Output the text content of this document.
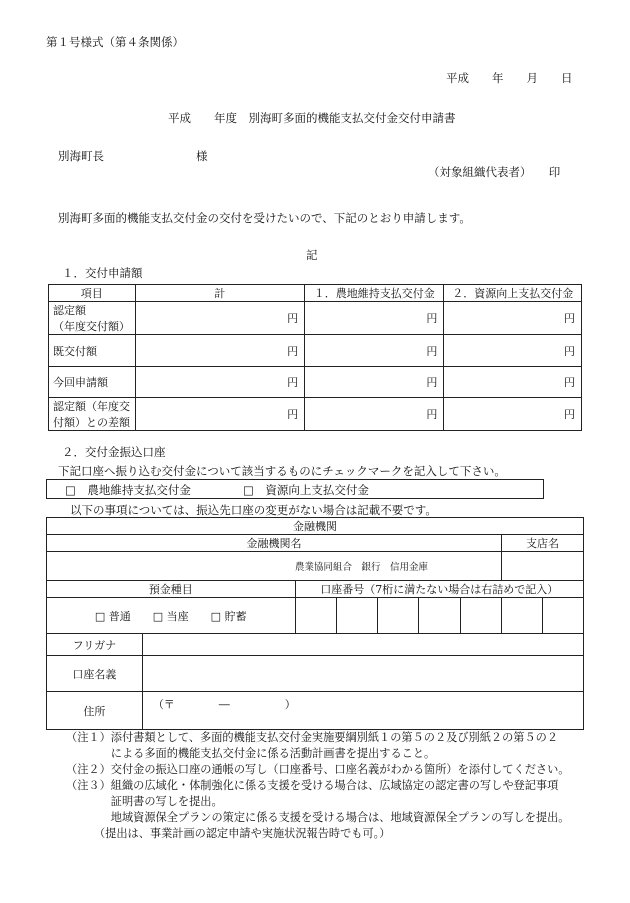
第１号様式（第４条関係）
平成　　年　　月　　日
平成　　年度　別海町多面的機能支払交付金交付申請書
別海町長　　　　　　　　様
（対象組織代表者）　　印
別海町多面的機能支払交付金の交付を受けたいので、下記のとおり申請します。
記
１．交付申請額
項目	計	１．農地維持支払交付金	２．資源向上支払交付金
認定額
（年度交付額）	円	円	円
既交付額	円	円	円
今回申請額	円	円	円
認定額（年度交
付額）との差額	円	円	円
２．交付金振込口座
下記口座へ振り込む交付金について該当するものにチェックマークを記入して下さい。
□　農地維持支払交付金	□　資源向上支払交付金
以下の事項については、振込先口座の変更がない場合は記載不要です。
金融機関								
金融機関名							支店名	
		農業協同組合　銀行　信用金庫						
預金種目		口座番号（7桁に満たない場合は右詰めで記入）						
□ 普通　　□ 当座　　□ 貯蓄								
フリガナ								
口座名義								
住所	（〒　　　　―　　　　　）							
（注１）添付書類として、多面的機能支払交付金実施要綱別紙１の第５の２及び別紙２の第５の２
　　　　による多面的機能支払交付金に係る活動計画書を提出すること。
（注２）交付金の振込口座の通帳の写し（口座番号、口座名義がわかる箇所）を添付してください。
（注３）組織の広域化・体制強化に係る支援を受ける場合は、広域協定の認定書の写しや登記事項
　　　　証明書の写しを提出。
　　　　地域資源保全プランの策定に係る支援を受ける場合は、地域資源保全プランの写しを提出。
　　　（提出は、事業計画の認定申請や実施状況報告時でも可。）
